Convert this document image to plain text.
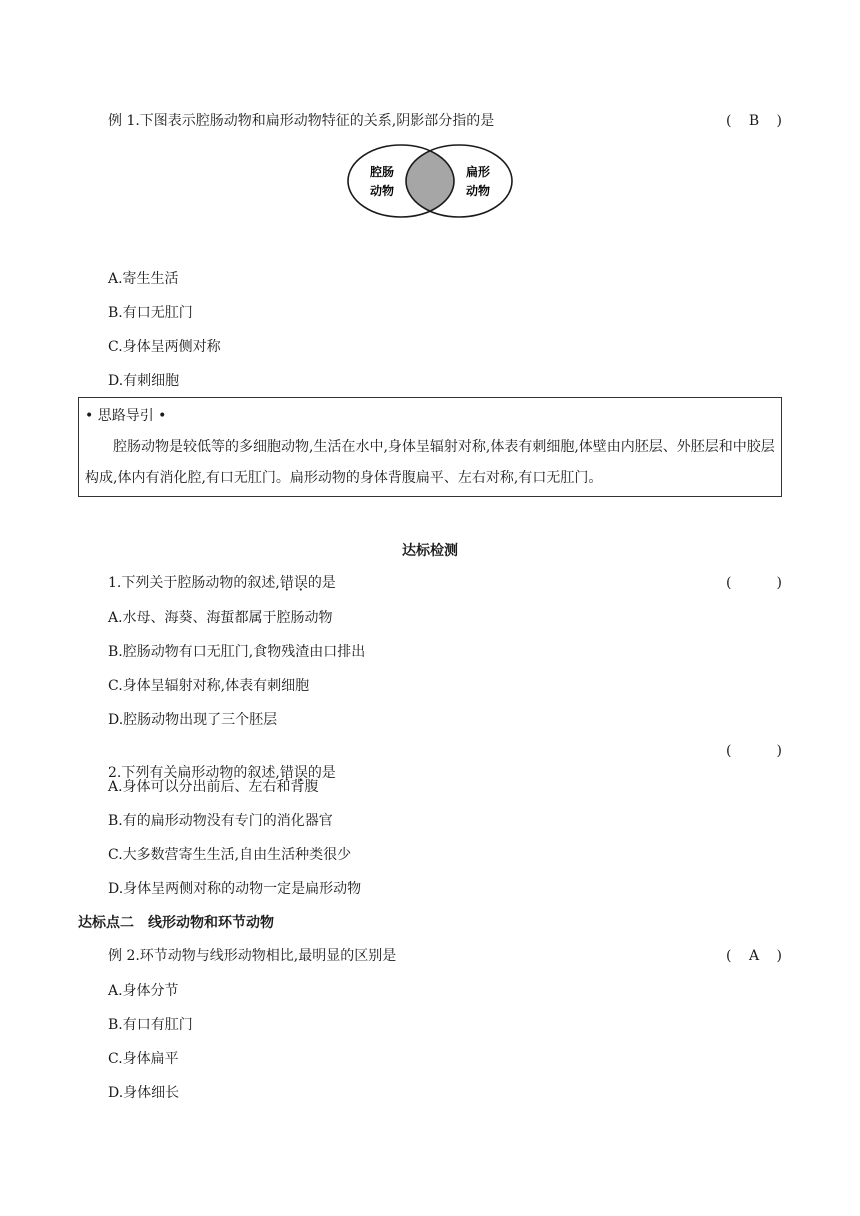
例 1.下图表示腔肠动物和扁形动物特征的关系,阴影部分指的是	( B )
腔肠
动物
扁形
动物
A.寄生生活
B.有口无肛门
C.身体呈两侧对称
D.有刺细胞
• 思路导引 •
腔肠动物是较低等的多细胞动物,生活在水中,身体呈辐射对称,体表有刺细胞,体壁由内胚层、外胚层和中胶层构成,体内有消化腔,有口无肛门。扁形动物的身体背腹扁平、左右对称,有口无肛门。
达标检测
1.下列关于腔肠动物的叙述,错误的是	(	)
A.水母、海葵、海蜇都属于腔肠动物
B.腔肠动物有口无肛门,食物残渣由口排出
C.身体呈辐射对称,体表有刺细胞
D.腔肠动物出现了三个胚层
2.下列有关扁形动物的叙述,错误的是
(	)
A.身体可以分出前后、左右和背腹
B.有的扁形动物没有专门的消化器官
C.大多数营寄生生活,自由生活种类很少
D.身体呈两侧对称的动物一定是扁形动物
达标点二　线形动物和环节动物
例 2.环节动物与线形动物相比,最明显的区别是	( A )
A.身体分节
B.有口有肛门
C.身体扁平
D.身体细长
